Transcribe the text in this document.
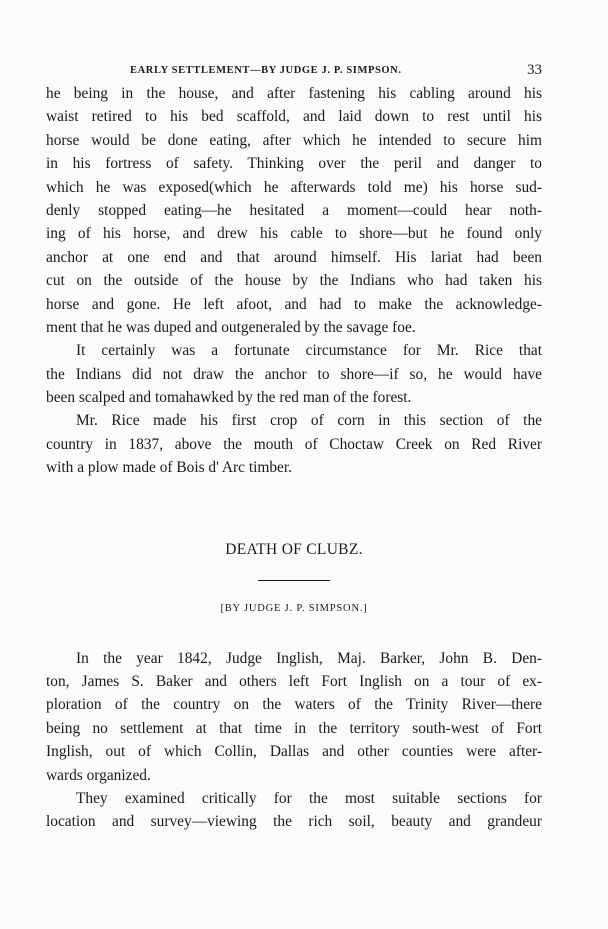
EARLY SETTLEMENT—BY JUDGE J. P. SIMPSON.	33
he being in the house, and after fastening his cabling around his
waist retired to his bed scaffold, and laid down to rest until his
horse would be done eating, after which he intended to secure him
in his fortress of safety. Thinking over the peril and danger to
which he was exposed(which he afterwards told me) his horse sud-
denly stopped eating—he hesitated a moment—could hear noth-
ing of his horse, and drew his cable to shore—but he found only
anchor at one end and that around himself. His lariat had been
cut on the outside of the house by the Indians who had taken his
horse and gone. He left afoot, and had to make the acknowledge-
ment that he was duped and outgeneraled by the savage foe.
It certainly was a fortunate circumstance for Mr. Rice that
the Indians did not draw the anchor to shore—if so, he would have
been scalped and tomahawked by the red man of the forest.
Mr. Rice made his first crop of corn in this section of the
country in 1837, above the mouth of Choctaw Creek on Red River
with a plow made of Bois d' Arc timber.
DEATH OF CLUBZ.
[BY JUDGE J. P. SIMPSON.]
In the year 1842, Judge Inglish, Maj. Barker, John B. Den-
ton, James S. Baker and others left Fort Inglish on a tour of ex-
ploration of the country on the waters of the Trinity River—there
being no settlement at that time in the territory south-west of Fort
Inglish, out of which Collin, Dallas and other counties were after-
wards organized.
They examined critically for the most suitable sections for
location and survey—viewing the rich soil, beauty and grandeur
